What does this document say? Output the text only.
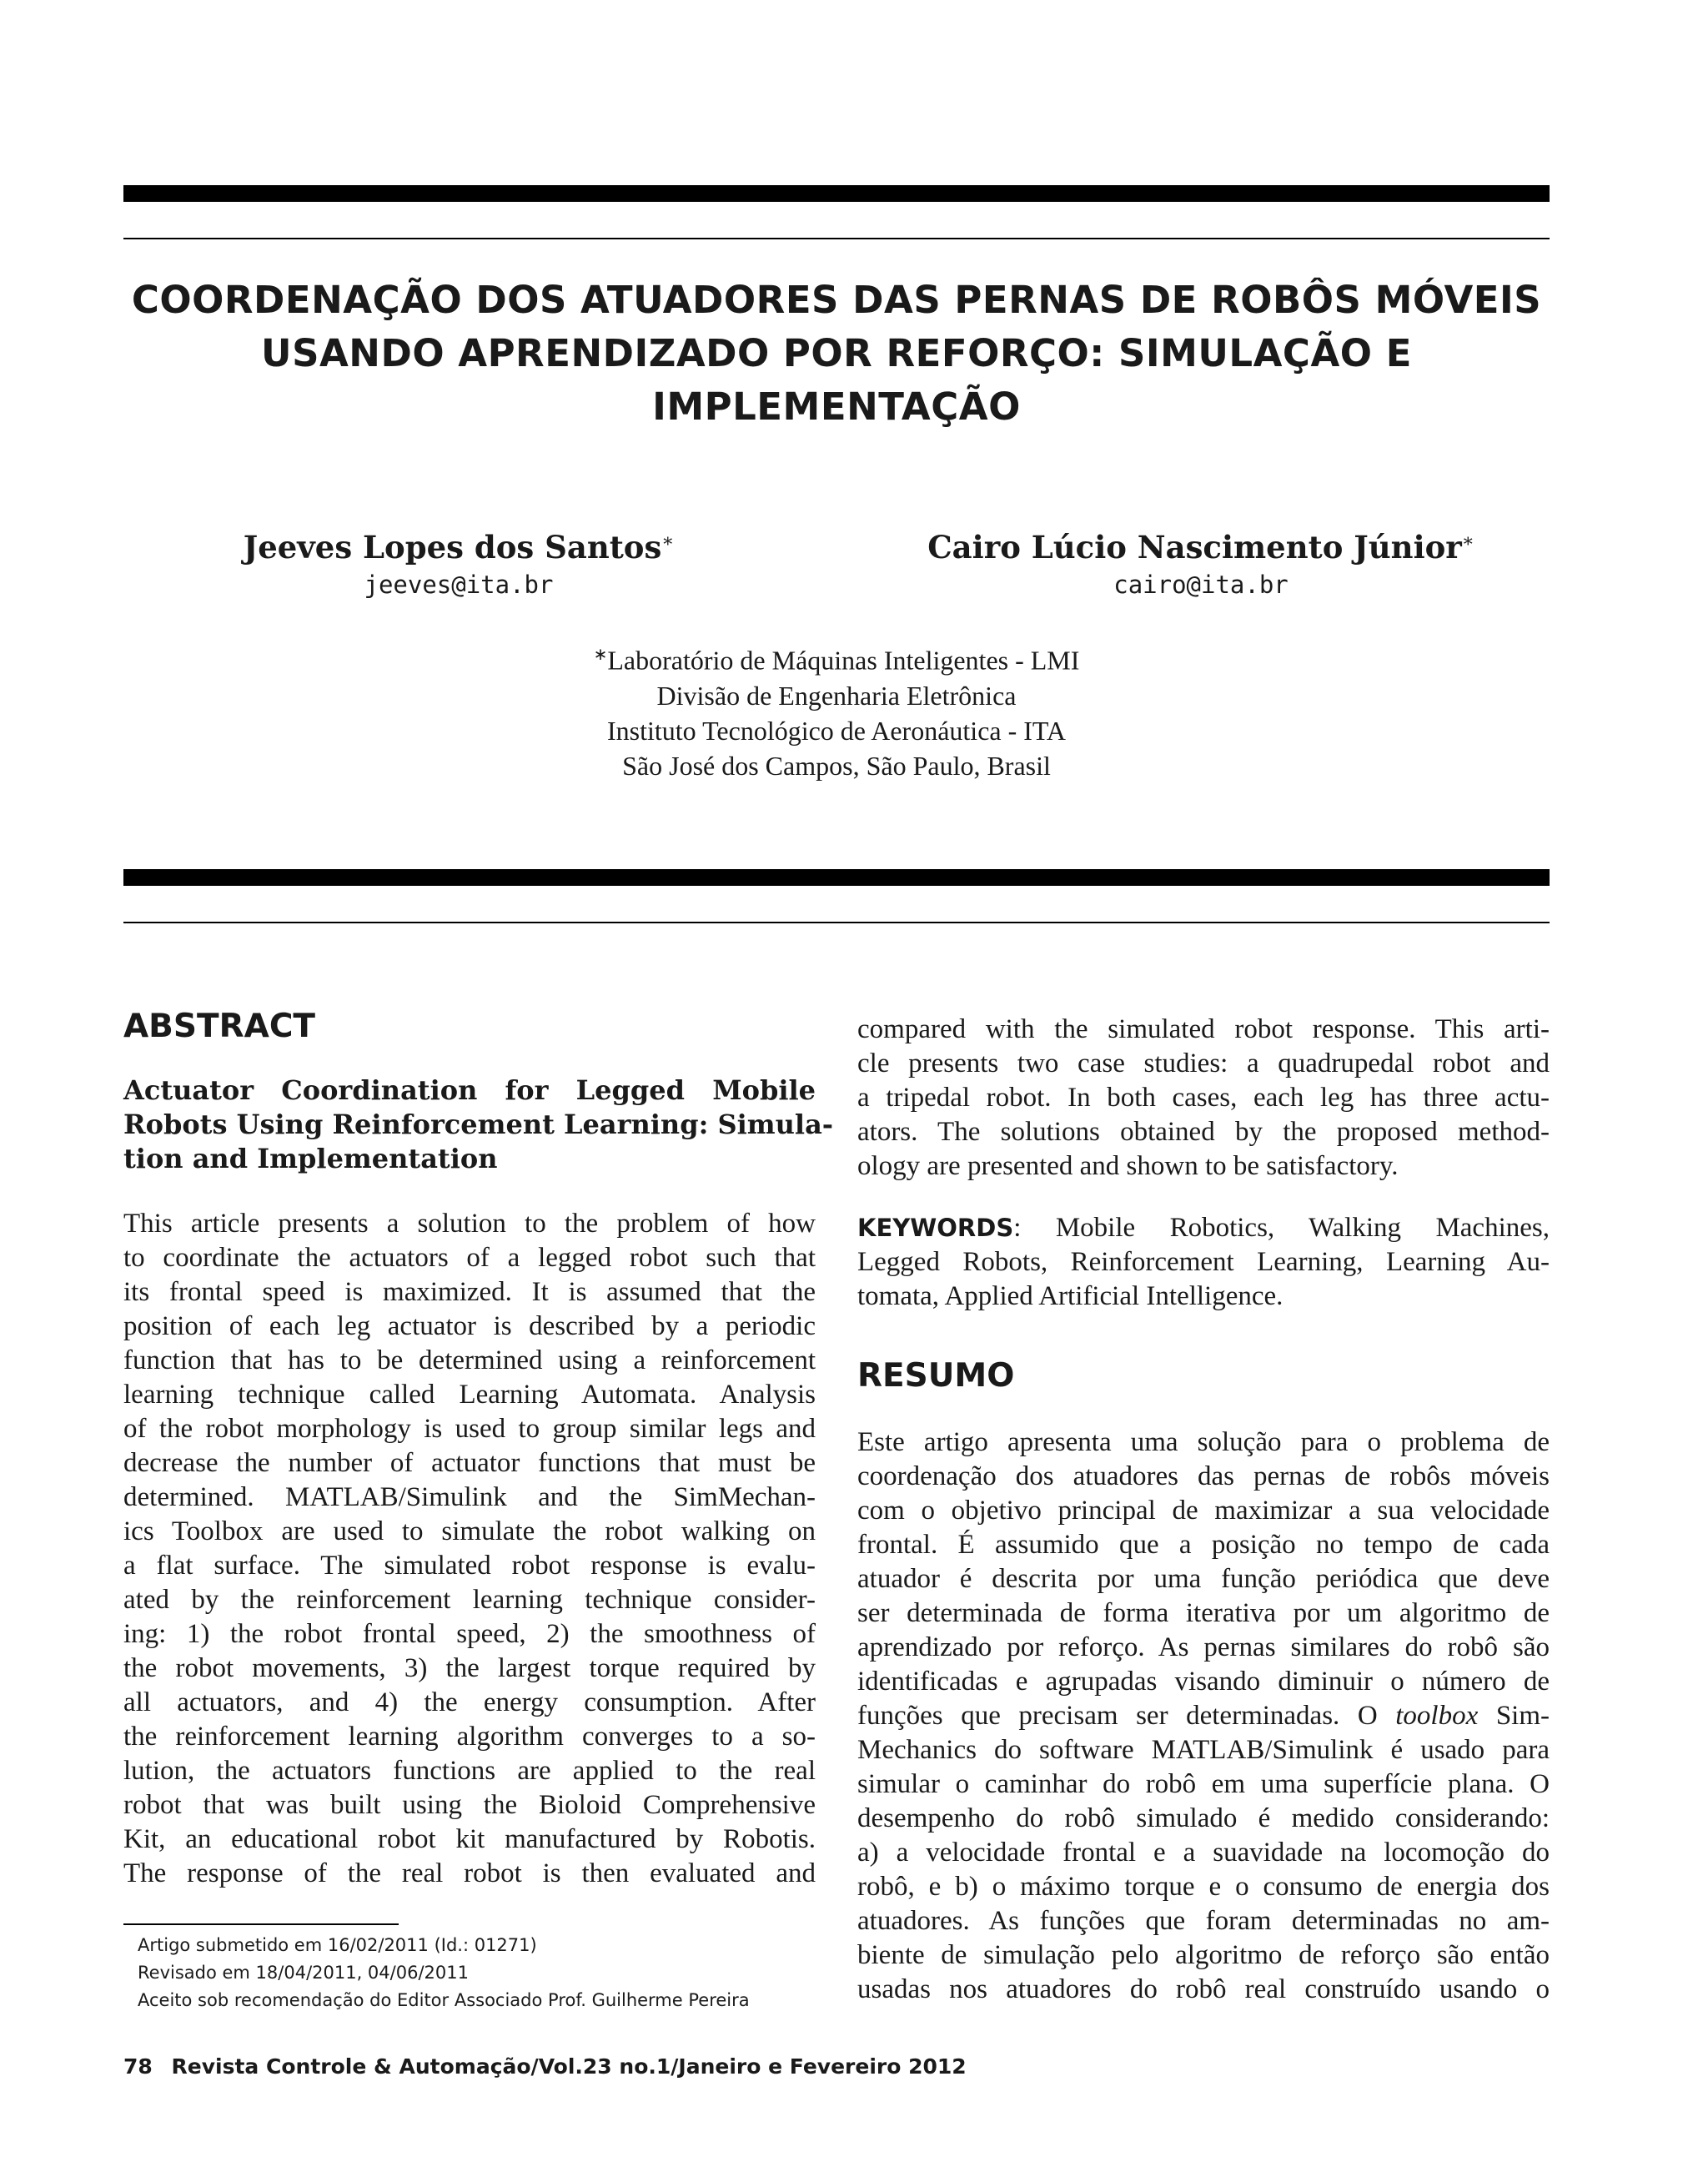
COORDENAÇÃO DOS ATUADORES DAS PERNAS DE ROBÔS MÓVEIS
USANDO APRENDIZADO POR REFORÇO: SIMULAÇÃO E
IMPLEMENTAÇÃO
Jeeves Lopes dos Santos∗
jeeves@ita.br
Cairo Lúcio Nascimento Júnior∗
cairo@ita.br
∗Laboratório de Máquinas Inteligentes - LMI
Divisão de Engenharia Eletrônica
Instituto Tecnológico de Aeronáutica - ITA
São José dos Campos, São Paulo, Brasil
ABSTRACT
Actuator Coordination for Legged Mobile
Robots Using Reinforcement Learning: Simula-
tion and Implementation
This article presents a solution to the problem of how
to coordinate the actuators of a legged robot such that
its frontal speed is maximized. It is assumed that the
position of each leg actuator is described by a periodic
function that has to be determined using a reinforcement
learning technique called Learning Automata. Analysis
of the robot morphology is used to group similar legs and
decrease the number of actuator functions that must be
determined. MATLAB/Simulink and the SimMechan-
ics Toolbox are used to simulate the robot walking on
a flat surface. The simulated robot response is evalu-
ated by the reinforcement learning technique consider-
ing: 1) the robot frontal speed, 2) the smoothness of
the robot movements, 3) the largest torque required by
all actuators, and 4) the energy consumption. After
the reinforcement learning algorithm converges to a so-
lution, the actuators functions are applied to the real
robot that was built using the Bioloid Comprehensive
Kit, an educational robot kit manufactured by Robotis.
The response of the real robot is then evaluated and
Artigo submetido em 16/02/2011 (Id.: 01271)
Revisado em 18/04/2011, 04/06/2011
Aceito sob recomendação do Editor Associado Prof. Guilherme Pereira
compared with the simulated robot response. This arti-
cle presents two case studies: a quadrupedal robot and
a tripedal robot. In both cases, each leg has three actu-
ators. The solutions obtained by the proposed method-
ology are presented and shown to be satisfactory.
KEYWORDS: Mobile Robotics, Walking Machines,
Legged Robots, Reinforcement Learning, Learning Au-
tomata, Applied Artificial Intelligence.
RESUMO
Este artigo apresenta uma solução para o problema de
coordenação dos atuadores das pernas de robôs móveis
com o objetivo principal de maximizar a sua velocidade
frontal. É assumido que a posição no tempo de cada
atuador é descrita por uma função periódica que deve
ser determinada de forma iterativa por um algoritmo de
aprendizado por reforço. As pernas similares do robô são
identificadas e agrupadas visando diminuir o número de
funções que precisam ser determinadas. O toolbox Sim-
Mechanics do software MATLAB/Simulink é usado para
simular o caminhar do robô em uma superfície plana. O
desempenho do robô simulado é medido considerando:
a) a velocidade frontal e a suavidade na locomoção do
robô, e b) o máximo torque e o consumo de energia dos
atuadores. As funções que foram determinadas no am-
biente de simulação pelo algoritmo de reforço são então
usadas nos atuadores do robô real construído usando o
78 Revista Controle & Automação/Vol.23 no.1/Janeiro e Fevereiro 2012
